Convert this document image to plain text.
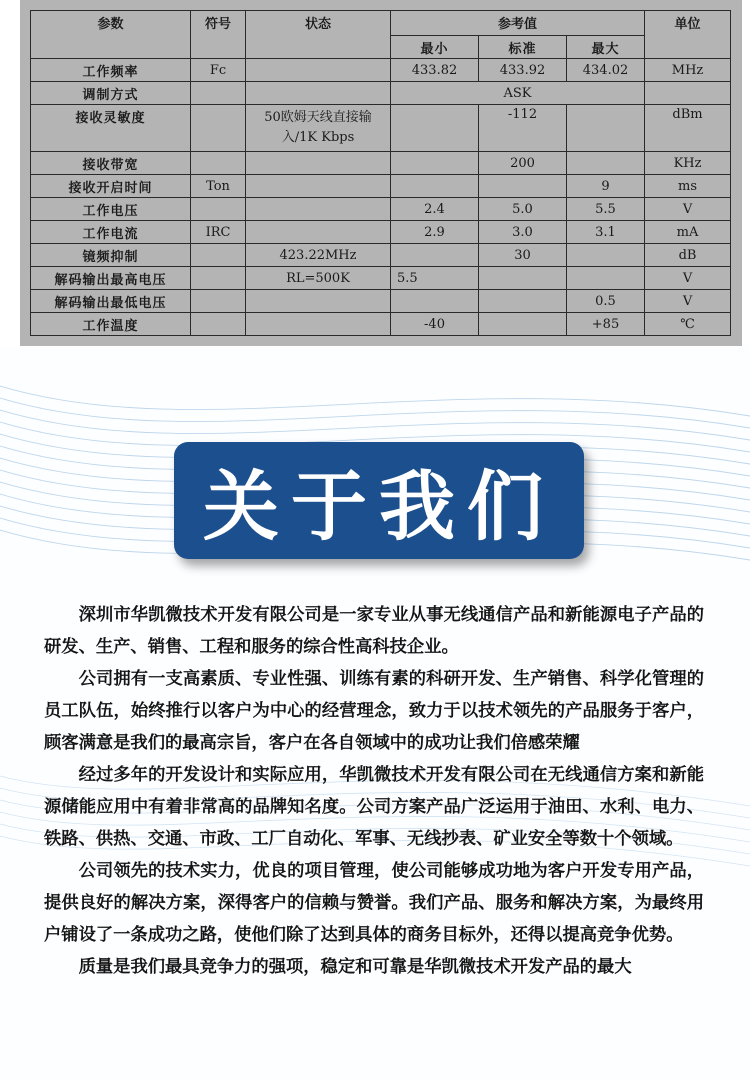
参数	符号	状态	参考值			单位
			最小	标准	最大	
工作频率	Fc		433.82	433.92	434.02	MHz
调制方式			ASK			
接收灵敏度		50欧姆天线直接输入/1K Kbps		-112		dBm
接收带宽				200		KHz
接收开启时间	Ton				9	ms
工作电压			2.4	5.0	5.5	V
工作电流	IRC		2.9	3.0	3.1	mA
镜频抑制		423.22MHz		30		dB
解码输出最高电压		RL=500K	5.5			V
解码输出最低电压					0.5	V
工作温度			-40		+85	℃
关于我们

深圳市华凯微技术开发有限公司是一家专业从事无线通信产品和新能源电子产品的研发、生产、销售、工程和服务的综合性高科技企业。

公司拥有一支高素质、专业性强、训练有素的科研开发、生产销售、科学化管理的员工队伍，始终推行以客户为中心的经营理念，致力于以技术领先的产品服务于客户，顾客满意是我们的最高宗旨，客户在各自领域中的成功让我们倍感荣耀

经过多年的开发设计和实际应用，华凯微技术开发有限公司在无线通信方案和新能源储能应用中有着非常高的品牌知名度。公司方案产品广泛运用于油田、水利、电力、铁路、供热、交通、市政、工厂自动化、军事、无线抄表、矿业安全等数十个领域。

公司领先的技术实力，优良的项目管理，使公司能够成功地为客户开发专用产品，提供良好的解决方案，深得客户的信赖与赞誉。我们产品、服务和解决方案，为最终用户铺设了一条成功之路，使他们除了达到具体的商务目标外，还得以提高竞争优势。

质量是我们最具竞争力的强项，稳定和可靠是华凯微技术开发产品的最大
